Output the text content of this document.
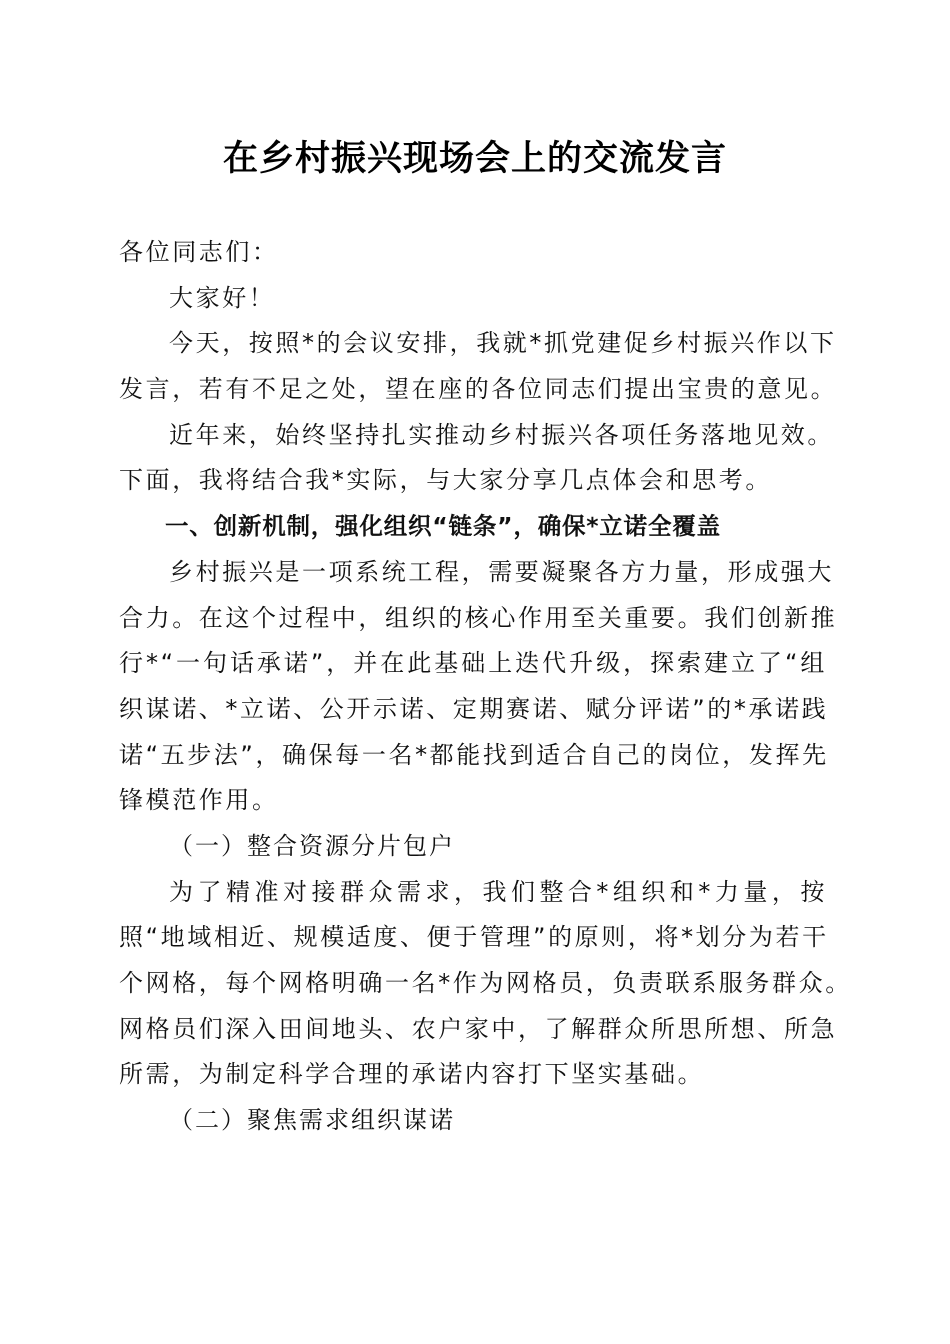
在乡村振兴现场会上的交流发言
各位同志们：
大家好！
今天，按照*的会议安排，我就*抓党建促乡村振兴作以下
发言，若有不足之处，望在座的各位同志们提出宝贵的意见。
近年来，始终坚持扎实推动乡村振兴各项任务落地见效。
下面，我将结合我*实际，与大家分享几点体会和思考。
一、创新机制，强化组织“链条”，确保*立诺全覆盖
乡村振兴是一项系统工程，需要凝聚各方力量，形成强大
合力。在这个过程中，组织的核心作用至关重要。我们创新推
行*“一句话承诺”，并在此基础上迭代升级，探索建立了“组
织谋诺、*立诺、公开示诺、定期赛诺、赋分评诺”的*承诺践
诺“五步法”，确保每一名*都能找到适合自己的岗位，发挥先
锋模范作用。
（一）整合资源分片包户
为了精准对接群众需求，我们整合*组织和*力量，按
照“地域相近、规模适度、便于管理”的原则，将*划分为若干
个网格，每个网格明确一名*作为网格员，负责联系服务群众。
网格员们深入田间地头、农户家中，了解群众所思所想、所急
所需，为制定科学合理的承诺内容打下坚实基础。
（二）聚焦需求组织谋诺
